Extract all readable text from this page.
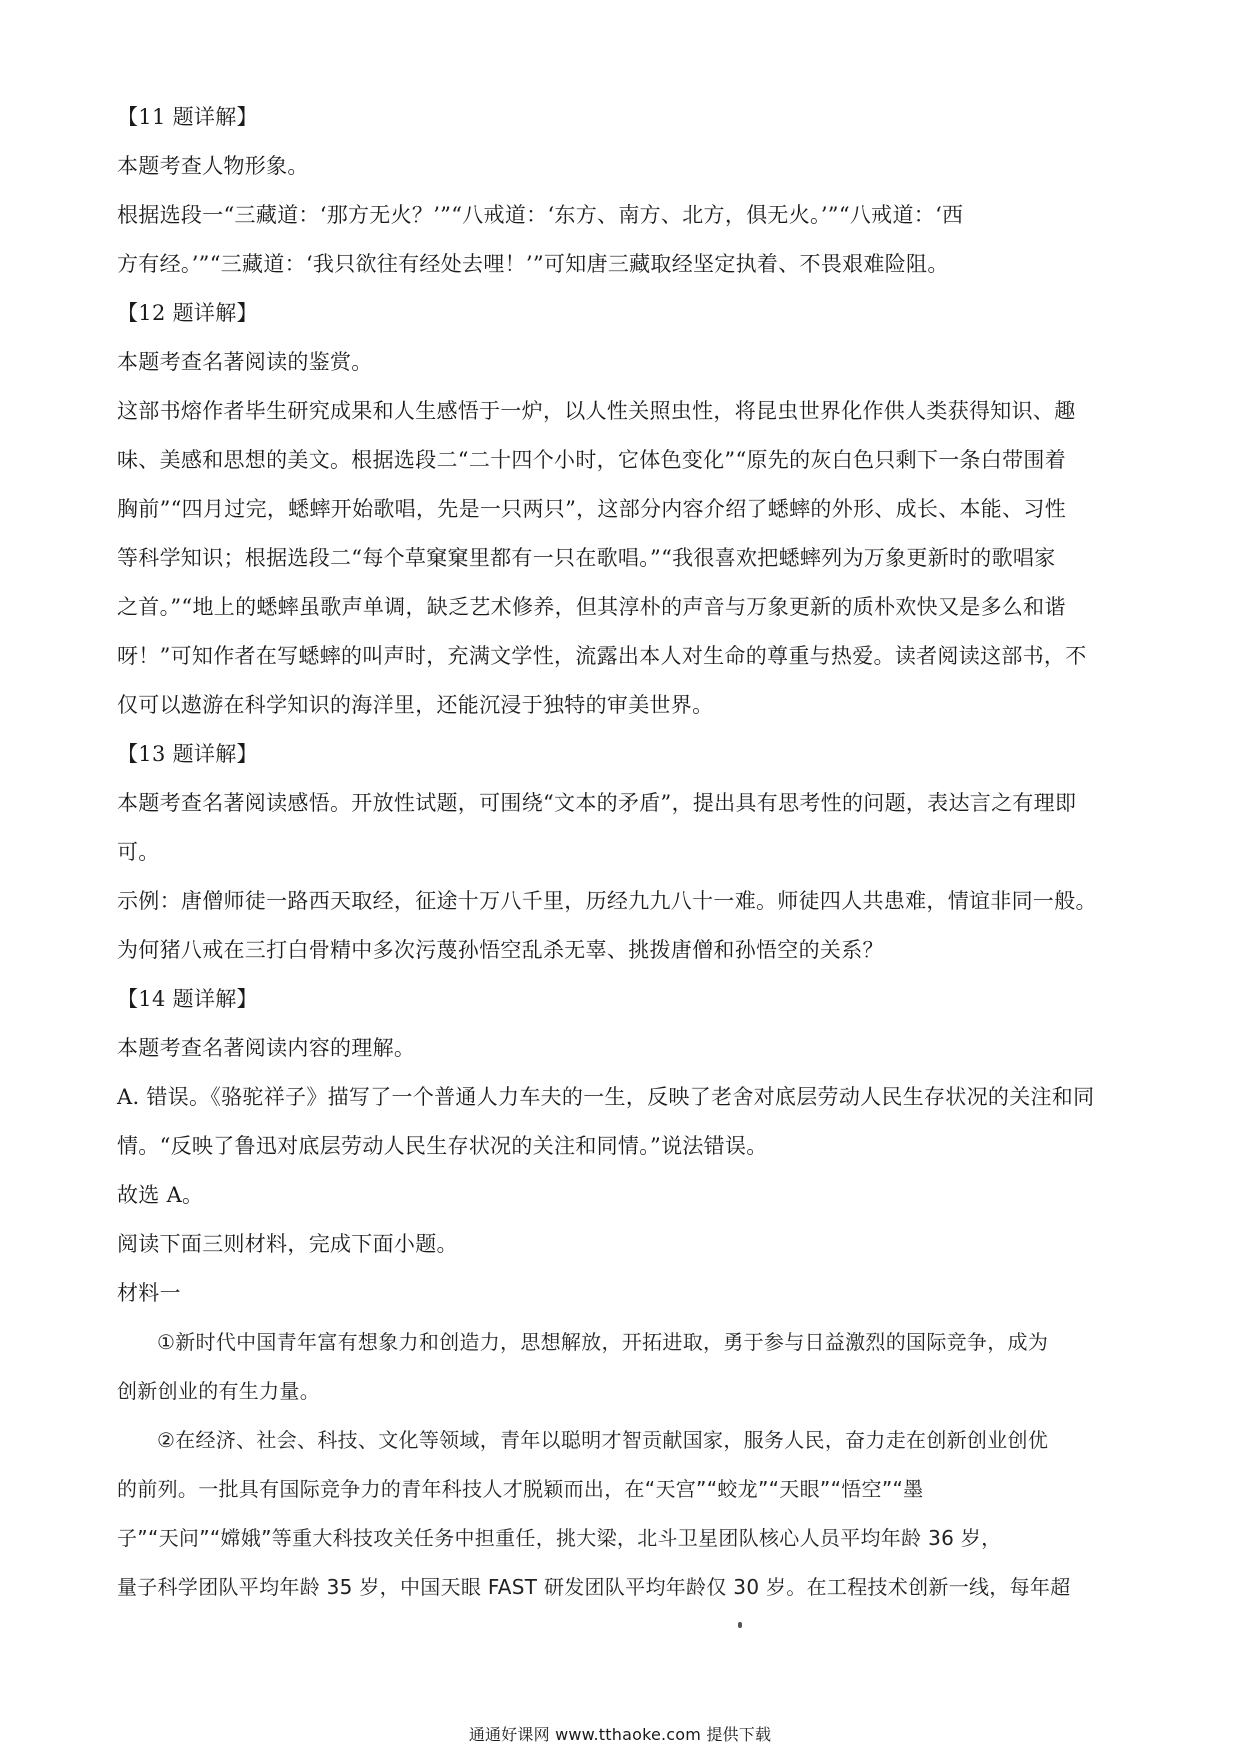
【11 题详解】
本题考查人物形象。
根据选段一“三藏道：‘那方无火？’”“八戒道：‘东方、南方、北方，俱无火。’”“八戒道：‘西
方有经。’”“三藏道：‘我只欲往有经处去哩！’”可知唐三藏取经坚定执着、不畏艰难险阻。
【12 题详解】
本题考查名著阅读的鉴赏。
这部书熔作者毕生研究成果和人生感悟于一炉，以人性关照虫性，将昆虫世界化作供人类获得知识、趣
味、美感和思想的美文。根据选段二“二十四个小时，它体色变化”“原先的灰白色只剩下一条白带围着
胸前”“四月过完，蟋蟀开始歌唱，先是一只两只”，这部分内容介绍了蟋蟀的外形、成长、本能、习性
等科学知识；根据选段二“每个草窠窠里都有一只在歌唱。”“我很喜欢把蟋蟀列为万象更新时的歌唱家
之首。”“地上的蟋蟀虽歌声单调，缺乏艺术修养，但其淳朴的声音与万象更新的质朴欢快又是多么和谐
呀！”可知作者在写蟋蟀的叫声时，充满文学性，流露出本人对生命的尊重与热爱。读者阅读这部书，不
仅可以遨游在科学知识的海洋里，还能沉浸于独特的审美世界。
【13 题详解】
本题考查名著阅读感悟。开放性试题，可围绕“文本的矛盾”，提出具有思考性的问题，表达言之有理即
可。
示例：唐僧师徒一路西天取经，征途十万八千里，历经九九八十一难。师徒四人共患难，情谊非同一般。
为何猪八戒在三打白骨精中多次污蔑孙悟空乱杀无辜、挑拨唐僧和孙悟空的关系？
【14 题详解】
本题考查名著阅读内容的理解。
A. 错误。《骆驼祥子》描写了一个普通人力车夫的一生，反映了老舍对底层劳动人民生存状况的关注和同
情。“反映了鲁迅对底层劳动人民生存状况的关注和同情。”说法错误。
故选 A。
阅读下面三则材料，完成下面小题。
材料一
①新时代中国青年富有想象力和创造力，思想解放，开拓进取，勇于参与日益激烈的国际竞争，成为
创新创业的有生力量。
②在经济、社会、科技、文化等领域，青年以聪明才智贡献国家，服务人民，奋力走在创新创业创优
的前列。一批具有国际竞争力的青年科技人才脱颖而出，在“天宫”“蛟龙”“天眼”“悟空”“墨
子”“天问”“嫦娥”等重大科技攻关任务中担重任，挑大梁，北斗卫星团队核心人员平均年龄 36 岁，
量子科学团队平均年龄 35 岁，中国天眼 FAST 研发团队平均年龄仅 30 岁。在工程技术创新一线，每年超
通通好课网 www.tthaoke.com 提供下载
